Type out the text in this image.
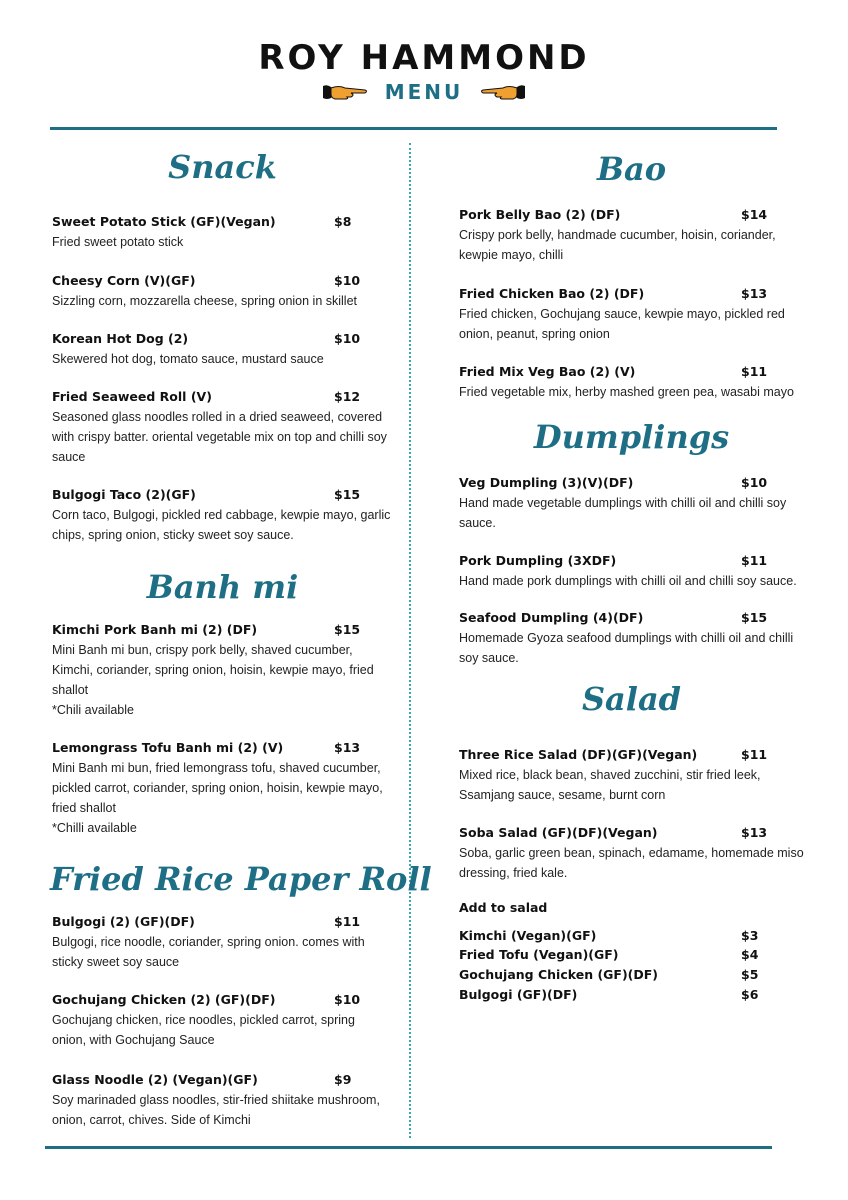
ROY HAMMOND
MENU
Snack
Sweet Potato Stick (GF)(Vegan)	$8
Fried sweet potato stick
Cheesy Corn (V)(GF)	$10
Sizzling corn, mozzarella cheese, spring onion in skillet
Korean Hot Dog (2)	$10
Skewered hot dog, tomato sauce, mustard sauce
Fried Seaweed Roll (V)	$12
Seasoned glass noodles rolled in a dried seaweed, covered with crispy batter. oriental vegetable mix on top and chilli soy sauce
Bulgogi Taco (2)(GF)	$15
Corn taco, Bulgogi, pickled red cabbage, kewpie mayo, garlic chips, spring onion, sticky sweet soy sauce.
Banh mi
Kimchi Pork Banh mi (2) (DF)	$15
Mini Banh mi bun, crispy pork belly, shaved cucumber, Kimchi, coriander, spring onion, hoisin, kewpie mayo, fried shallot
*Chili available
Lemongrass Tofu Banh mi (2) (V)	$13
Mini Banh mi bun, fried lemongrass tofu, shaved cucumber, pickled carrot, coriander, spring onion, hoisin, kewpie mayo, fried shallot
*Chilli available
Fried Rice Paper Roll
Bulgogi (2) (GF)(DF)	$11
Bulgogi, rice noodle, coriander, spring onion. comes with sticky sweet soy sauce
Gochujang Chicken (2) (GF)(DF)	$10
Gochujang chicken, rice noodles, pickled carrot, spring onion, with Gochujang Sauce
Glass Noodle (2) (Vegan)(GF)	$9
Soy marinaded glass noodles, stir-fried shiitake mushroom, onion, carrot, chives. Side of Kimchi
Bao
Pork Belly Bao (2) (DF)	$14
Crispy pork belly, handmade cucumber, hoisin, coriander, kewpie mayo, chilli
Fried Chicken Bao (2) (DF)	$13
Fried chicken, Gochujang sauce, kewpie mayo, pickled red onion, peanut, spring onion
Fried Mix Veg Bao (2) (V)	$11
Fried vegetable mix, herby mashed green pea, wasabi mayo
Dumplings
Veg Dumpling (3)(V)(DF)	$10
Hand made vegetable dumplings with chilli oil and chilli soy sauce.
Pork Dumpling (3XDF)	$11
Hand made pork dumplings with chilli oil and chilli soy sauce.
Seafood Dumpling (4)(DF)	$15
Homemade Gyoza seafood dumplings with chilli oil and chilli soy sauce.
Salad
Three Rice Salad (DF)(GF)(Vegan)	$11
Mixed rice, black bean, shaved zucchini, stir fried leek, Ssamjang sauce, sesame, burnt corn
Soba Salad (GF)(DF)(Vegan)	$13
Soba, garlic green bean, spinach, edamame, homemade miso dressing, fried kale.
Add to salad
Kimchi (Vegan)(GF)	$3
Fried Tofu (Vegan)(GF)	$4
Gochujang Chicken (GF)(DF)	$5
Bulgogi (GF)(DF)	$6
